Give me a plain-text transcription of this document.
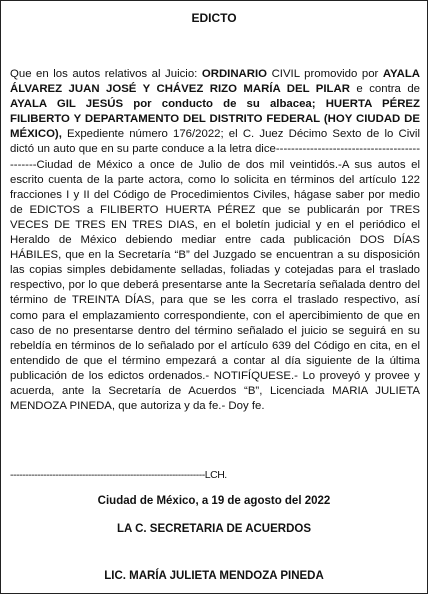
EDICTO

Que en los autos relativos al Juicio: ORDINARIO CIVIL promovido por AYALA ÁLVAREZ JUAN JOSÉ Y CHÁVEZ RIZO MARÍA DEL PILAR e contra de AYALA GIL JESÚS por conducto de su albacea; HUERTA PÉREZ FILIBERTO Y DEPARTAMENTO DEL DISTRITO FEDERAL (HOY CIUDAD DE MÉXICO), Expediente número 176/2022; el C. Juez Décimo Sexto de lo Civil dictó un auto que en su parte conduce a la letra dice---------------------------------------------Ciudad de México a once de Julio de dos mil veintidós.-A sus autos el escrito cuenta de la parte actora, como lo solicita en términos del artículo 122 fracciones I y II del Código de Procedimientos Civiles, hágase saber por medio de EDICTOS a FILIBERTO HUERTA PÉREZ que se publicarán por TRES VECES DE TRES EN TRES DIAS, en el boletín judicial y en el periódico el Heraldo de México debiendo mediar entre cada publicación DOS DÍAS HÁBILES, que en la Secretaría “B” del Juzgado se encuentran a su disposición las copias simples debidamente selladas, foliadas y cotejadas para el traslado respectivo, por lo que deberá presentarse ante la Secretaría señalada dentro del término de TREINTA DÍAS, para que se les corra el traslado respectivo, así como para el emplazamiento correspondiente, con el apercibimiento de que en caso de no presentarse dentro del término señalado el juicio se seguirá en su rebeldía en términos de lo señalado por el artículo 639 del Código en cita, en el entendido de que el término empezará a contar al día siguiente de la última publicación de los edictos ordenados.- NOTIFÍQUESE.- Lo proveyó y provee y acuerda, ante la Secretaría de Acuerdos “B”, Licenciada MARIA JULIETA MENDOZA PINEDA, que autoriza y da fe.- Doy fe.

-----------------------------------------------------------------LCH.
Ciudad de México, a 19 de agosto del 2022
LA C. SECRETARIA DE ACUERDOS
LIC. MARÍA JULIETA MENDOZA PINEDA
